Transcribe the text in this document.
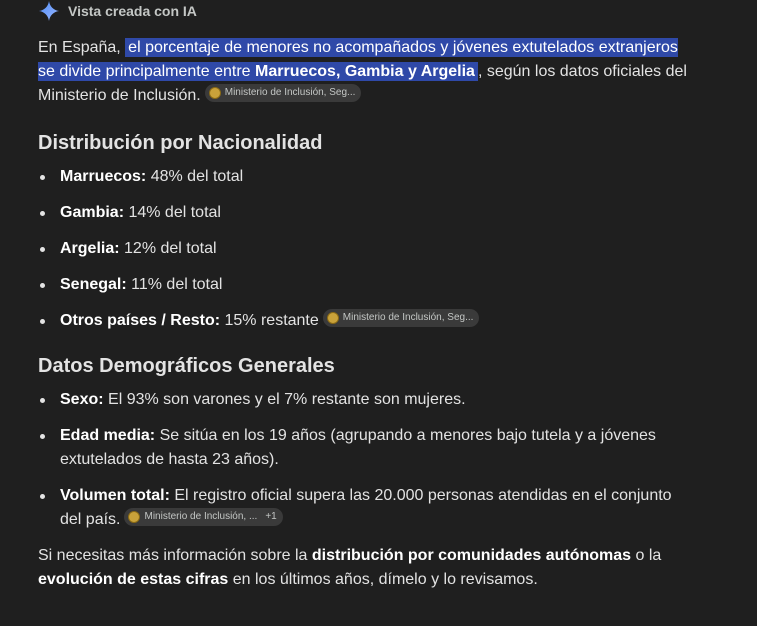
Vista creada con IA

En España, el porcentaje de menores no acompañados y jóvenes extutelados extranjeros se divide principalmente entre Marruecos, Gambia y Argelia , según los datos oficiales del Ministerio de Inclusión. Ministerio de Inclusión, Seg...

Distribución por Nacionalidad
Marruecos: 48% del total
Gambia: 14% del total
Argelia: 12% del total
Senegal: 11% del total
Otros países / Resto: 15% restante Ministerio de Inclusión, Seg...
Datos Demográficos Generales
Sexo: El 93% son varones y el 7% restante son mujeres.
Edad media: Se sitúa en los 19 años (agrupando a menores bajo tutela y a jóvenes extutelados de hasta 23 años).
Volumen total: El registro oficial supera las 20.000 personas atendidas en el conjunto del país. Ministerio de Inclusión, ... +1

Si necesitas más información sobre la distribución por comunidades autónomas o la evolución de estas cifras en los últimos años, dímelo y lo revisamos.
